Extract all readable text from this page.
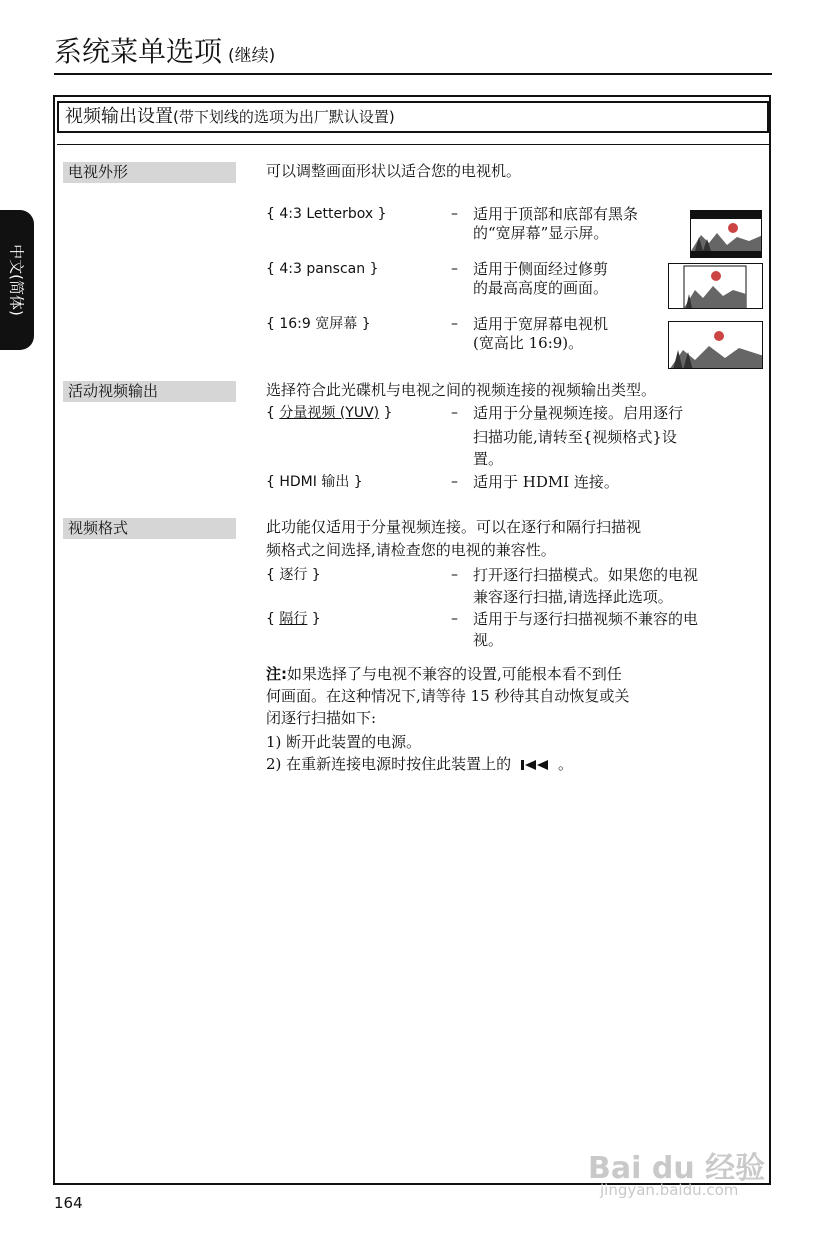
系统菜单选项 (继续)
中文(简体)
视频输出设置(带下划线的选项为出厂默认设置)
电视外形	可以调整画面形状以适合您的电视机。
{ 4:3 Letterbox }	– 适用于顶部和底部有黑条
的“宽屏幕”显示屏。
{ 4:3 panscan }	– 适用于侧面经过修剪
的最高高度的画面。
{ 16:9 宽屏幕 }	– 适用于宽屏幕电视机
(宽高比 16:9)。
活动视频输出	选择符合此光碟机与电视之间的视频连接的视频输出类型。
{ 分量视频 (YUV) }	– 适用于分量视频连接。启用逐行
扫描功能,请转至{视频格式}设
置。
{ HDMI 输出 }	– 适用于 HDMI 连接。
视频格式	此功能仅适用于分量视频连接。可以在逐行和隔行扫描视
频格式之间选择,请检查您的电视的兼容性。
{ 逐行 }	– 打开逐行扫描模式。如果您的电视
兼容逐行扫描,请选择此选项。
{ 隔行 }	– 适用于与逐行扫描视频不兼容的电
视。
注:如果选择了与电视不兼容的设置,可能根本看不到任
何画面。在这种情况下,请等待 15 秒待其自动恢复或关
闭逐行扫描如下:
1) 断开此装置的电源。
2) 在重新连接电源时按住此装置上的	。
164
Bai du 经验
jingyan.baidu.com
